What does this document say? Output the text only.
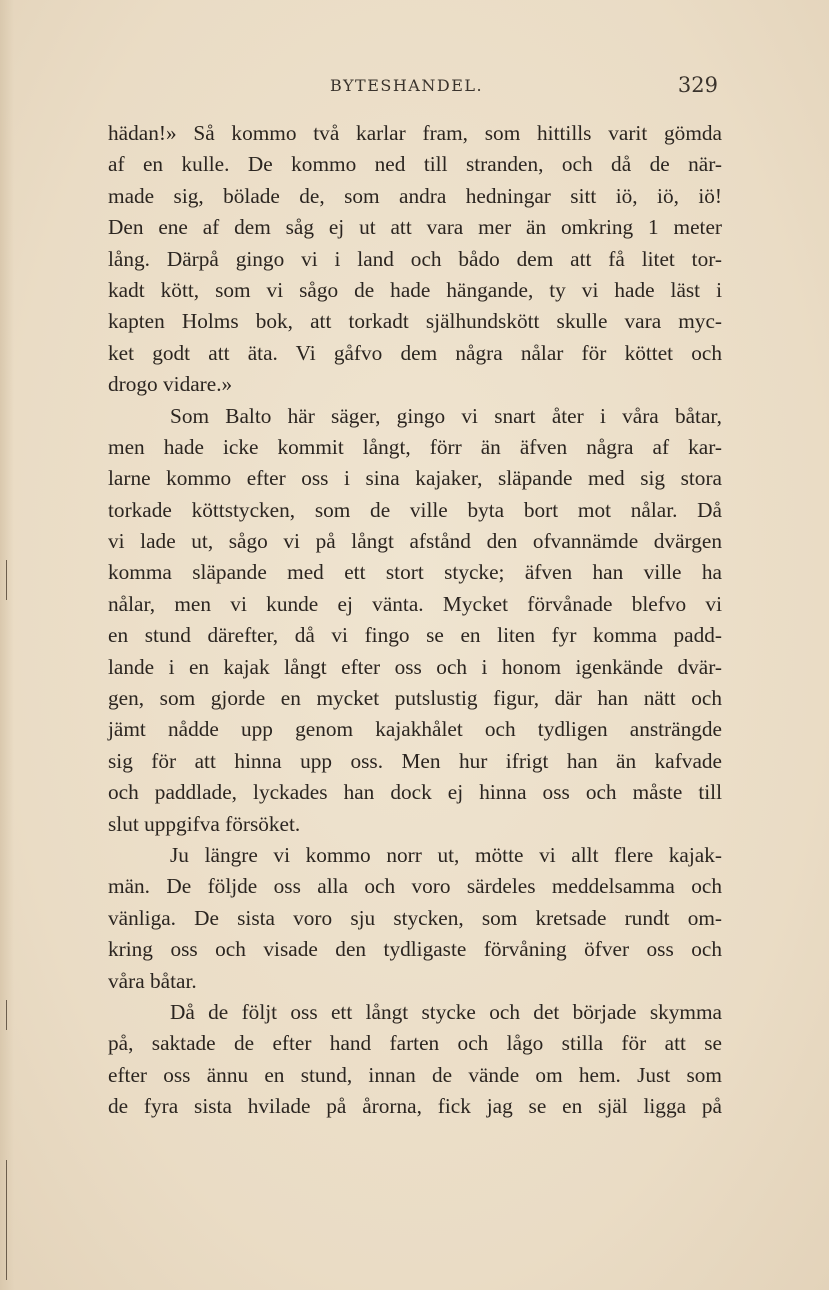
BYTESHANDEL.	329
hädan!» Så kommo två karlar fram, som hittills varit gömda
af en kulle. De kommo ned till stranden, och då de när-
made sig, bölade de, som andra hedningar sitt iö, iö, iö!
Den ene af dem såg ej ut att vara mer än omkring 1 meter
lång. Därpå gingo vi i land och bådo dem att få litet tor-
kadt kött, som vi sågo de hade hängande, ty vi hade läst i
kapten Holms bok, att torkadt själhundskött skulle vara myc-
ket godt att äta. Vi gåfvo dem några nålar för köttet och
drogo vidare.»
Som Balto här säger, gingo vi snart åter i våra båtar,
men hade icke kommit långt, förr än äfven några af kar-
larne kommo efter oss i sina kajaker, släpande med sig stora
torkade köttstycken, som de ville byta bort mot nålar. Då
vi lade ut, sågo vi på långt afstånd den ofvannämde dvärgen
komma släpande med ett stort stycke; äfven han ville ha
nålar, men vi kunde ej vänta. Mycket förvånade blefvo vi
en stund därefter, då vi fingo se en liten fyr komma padd-
lande i en kajak långt efter oss och i honom igenkände dvär-
gen, som gjorde en mycket putslustig figur, där han nätt och
jämt nådde upp genom kajakhålet och tydligen ansträngde
sig för att hinna upp oss. Men hur ifrigt han än kafvade
och paddlade, lyckades han dock ej hinna oss och måste till
slut uppgifva försöket.
Ju längre vi kommo norr ut, mötte vi allt flere kajak-
män. De följde oss alla och voro särdeles meddelsamma och
vänliga. De sista voro sju stycken, som kretsade rundt om-
kring oss och visade den tydligaste förvåning öfver oss och
våra båtar.
Då de följt oss ett långt stycke och det började skymma
på, saktade de efter hand farten och lågo stilla för att se
efter oss ännu en stund, innan de vände om hem. Just som
de fyra sista hvilade på årorna, fick jag se en själ ligga på
